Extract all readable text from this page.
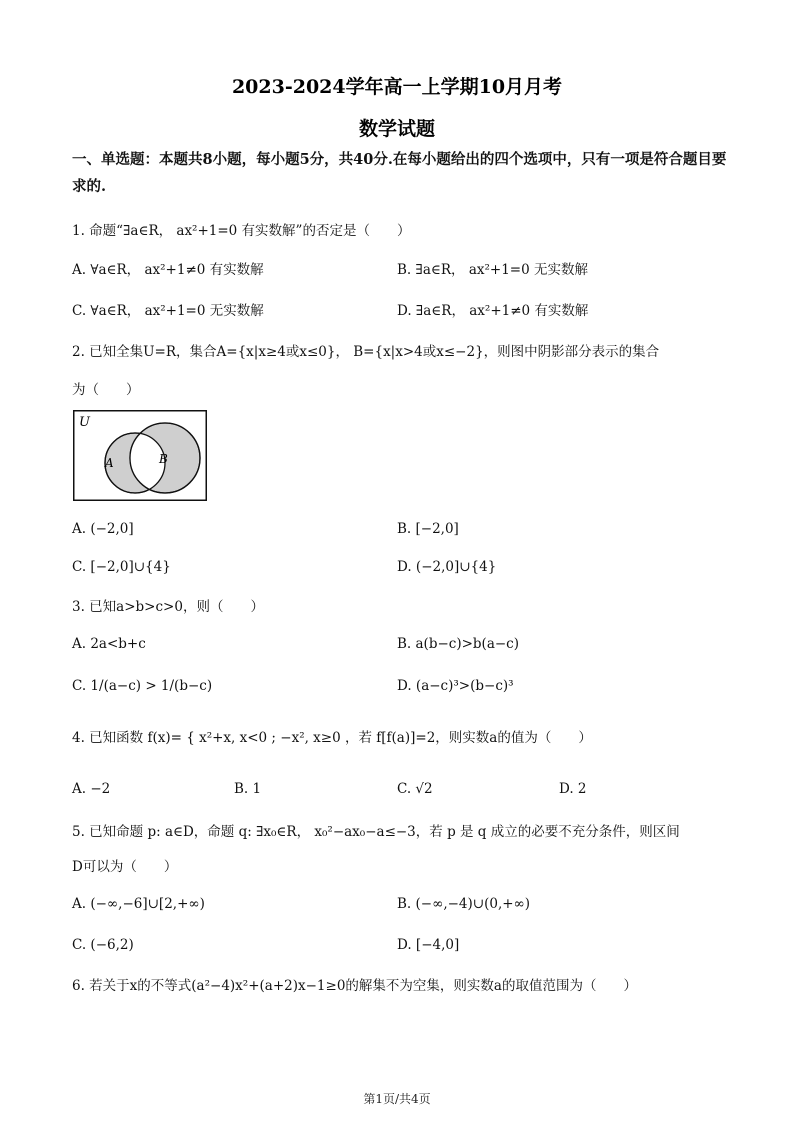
2023-2024学年高一上学期10月月考
数学试题
一、单选题：本题共8小题，每小题5分，共40分.在每小题给出的四个选项中，只有一项是符合题目要求的.
1. 命题“∃a∈R， ax²+1=0 有实数解”的否定是（　　）
A. ∀a∈R， ax²+1≠0 有实数解	B. ∃a∈R， ax²+1=0 无实数解
C. ∀a∈R， ax²+1=0 无实数解	D. ∃a∈R， ax²+1≠0 有实数解
2. 已知全集U=R，集合A={x|x≥4或x≤0}， B={x|x>4或x≤−2}，则图中阴影部分表示的集合
为（　　）
U
A	B
A. (−2,0]	B. [−2,0]
C. [−2,0]∪{4}	D. (−2,0]∪{4}
3. 已知a>b>c>0，则（　　）
A. 2a<b+c	B. a(b−c)>b(a−c)
C. 1/(a−c) > 1/(b−c)	D. (a−c)³>(b−c)³
4. 已知函数 f(x)= { x²+x, x<0 ; −x², x≥0 ，若 f[f(a)]=2，则实数a的值为（　　）
A. −2	B. 1	C. √2	D. 2
5. 已知命题 p: a∈D，命题 q: ∃x₀∈R， x₀²−ax₀−a≤−3，若 p 是 q 成立的必要不充分条件，则区间
D可以为（　　）
A. (−∞,−6]∪[2,+∞)	B. (−∞,−4)∪(0,+∞)
C. (−6,2)	D. [−4,0]
6. 若关于x的不等式(a²−4)x²+(a+2)x−1≥0的解集不为空集，则实数a的取值范围为（　　）
第1页/共4页
